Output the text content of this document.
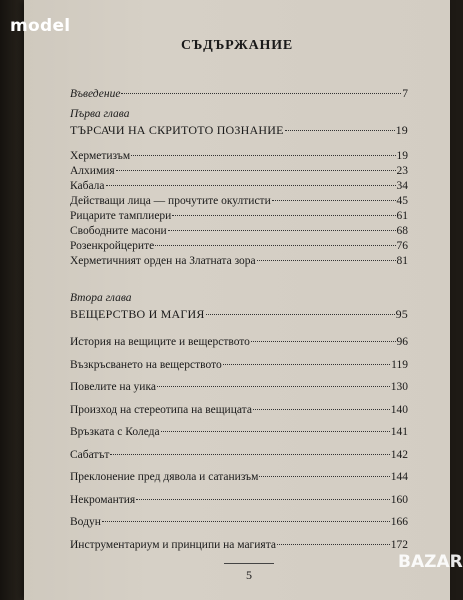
СЪДЪРЖАНИЕ
Въведение	7
Първа глава
ТЪРСАЧИ НА СКРИТОТО ПОЗНАНИЕ	19
Херметизъм	19
Алхимия	23
Кабала	34
Действащи лица — прочутите окултисти	45
Рицарите тамплиери	61
Свободните масони	68
Розенкройцерите	76
Херметичният орден на Златната зора	81
Втора глава
ВЕЩЕРСТВО И МАГИЯ	95
История на вещиците и вещерството	96
Възкръсването на вещерството	119
Повелите на уика	130
Произход на стереотипа на вещицата	140
Връзката с Коледа	141
Сабатът	142
Преклонение пред дявола и сатанизъм	144
Некромантия	160
Водун	166
Инструментариум и принципи на магията	172
5
BAZAR
model
